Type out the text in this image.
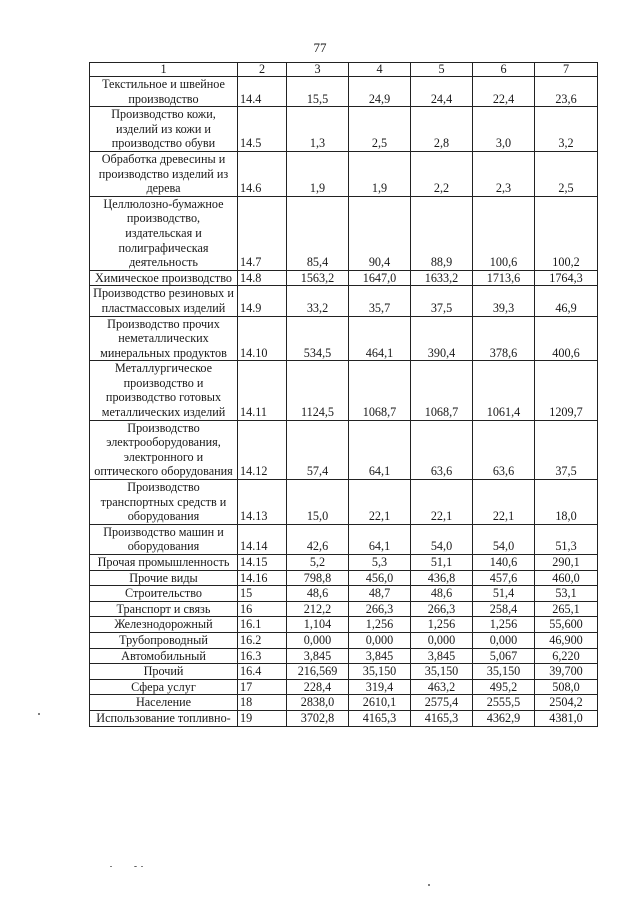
77
1	2	3	4	5	6	7
Текстильное и швейное производство	14.4	15,5	24,9	24,4	22,4	23,6
Производство кожи, изделий из кожи и производство обуви	14.5	1,3	2,5	2,8	3,0	3,2
Обработка древесины и производство изделий из дерева	14.6	1,9	1,9	2,2	2,3	2,5
Целлюлозно-бумажное производство, издательская и полиграфическая деятельность	14.7	85,4	90,4	88,9	100,6	100,2
Химическое производство	14.8	1563,2	1647,0	1633,2	1713,6	1764,3
Производство резиновых и пластмассовых изделий	14.9	33,2	35,7	37,5	39,3	46,9
Производство прочих неметаллических минеральных продуктов	14.10	534,5	464,1	390,4	378,6	400,6
Металлургическое производство и производство готовых металлических изделий	14.11	1124,5	1068,7	1068,7	1061,4	1209,7
Производство электрооборудования, электронного и оптического оборудования	14.12	57,4	64,1	63,6	63,6	37,5
Производство транспортных средств и оборудования	14.13	15,0	22,1	22,1	22,1	18,0
Производство машин и оборудования	14.14	42,6	64,1	54,0	54,0	51,3
Прочая промышленность	14.15	5,2	5,3	51,1	140,6	290,1
Прочие виды	14.16	798,8	456,0	436,8	457,6	460,0
Строительство	15	48,6	48,7	48,6	51,4	53,1
Транспорт и связь	16	212,2	266,3	266,3	258,4	265,1
Железнодорожный	16.1	1,104	1,256	1,256	1,256	55,600
Трубопроводный	16.2	0,000	0,000	0,000	0,000	46,900
Автомобильный	16.3	3,845	3,845	3,845	5,067	6,220
Прочий	16.4	216,569	35,150	35,150	35,150	39,700
Сфера услуг	17	228,4	319,4	463,2	495,2	508,0
Население	18	2838,0	2610,1	2575,4	2555,5	2504,2
Использование топливно-	19	3702,8	4165,3	4165,3	4362,9	4381,0
